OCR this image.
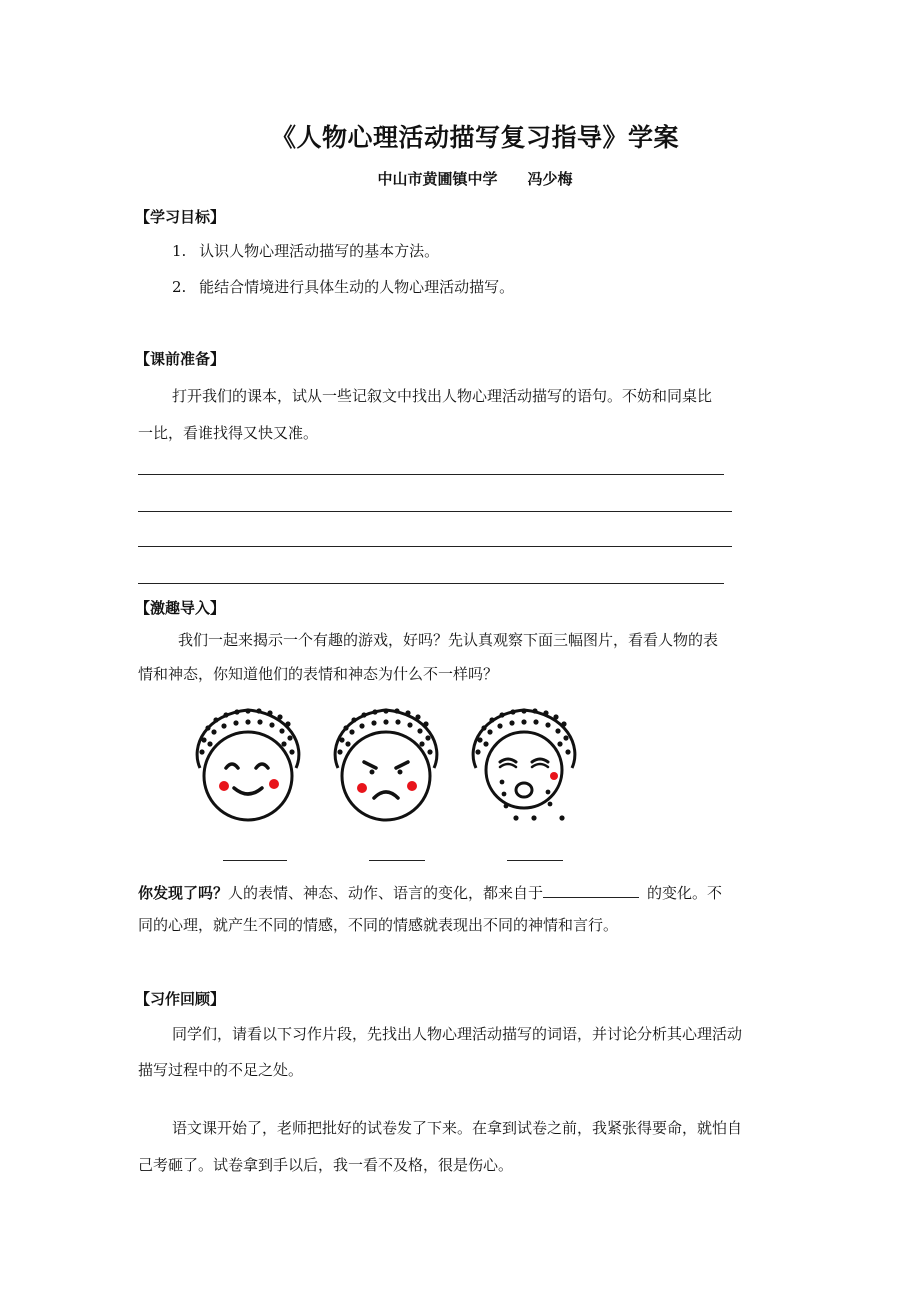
《人物心理活动描写复习指导》学案
中山市黄圃镇中学 冯少梅
【学习目标】
1. 认识人物心理活动描写的基本方法。
2. 能结合情境进行具体生动的人物心理活动描写。
【课前准备】
打开我们的课本，试从一些记叙文中找出人物心理活动描写的语句。不妨和同桌比
一比，看谁找得又快又准。
【激趣导入】
我们一起来揭示一个有趣的游戏，好吗？先认真观察下面三幅图片，看看人物的表
情和神态，你知道他们的表情和神态为什么不一样吗？
你发现了吗？人的表情、神态、动作、语言的变化，都来自于	的变化。不
同的心理，就产生不同的情感，不同的情感就表现出不同的神情和言行。
【习作回顾】
同学们，请看以下习作片段，先找出人物心理活动描写的词语，并讨论分析其心理活动
描写过程中的不足之处。
语文课开始了，老师把批好的试卷发了下来。在拿到试卷之前，我紧张得要命，就怕自
己考砸了。试卷拿到手以后，我一看不及格，很是伤心。
